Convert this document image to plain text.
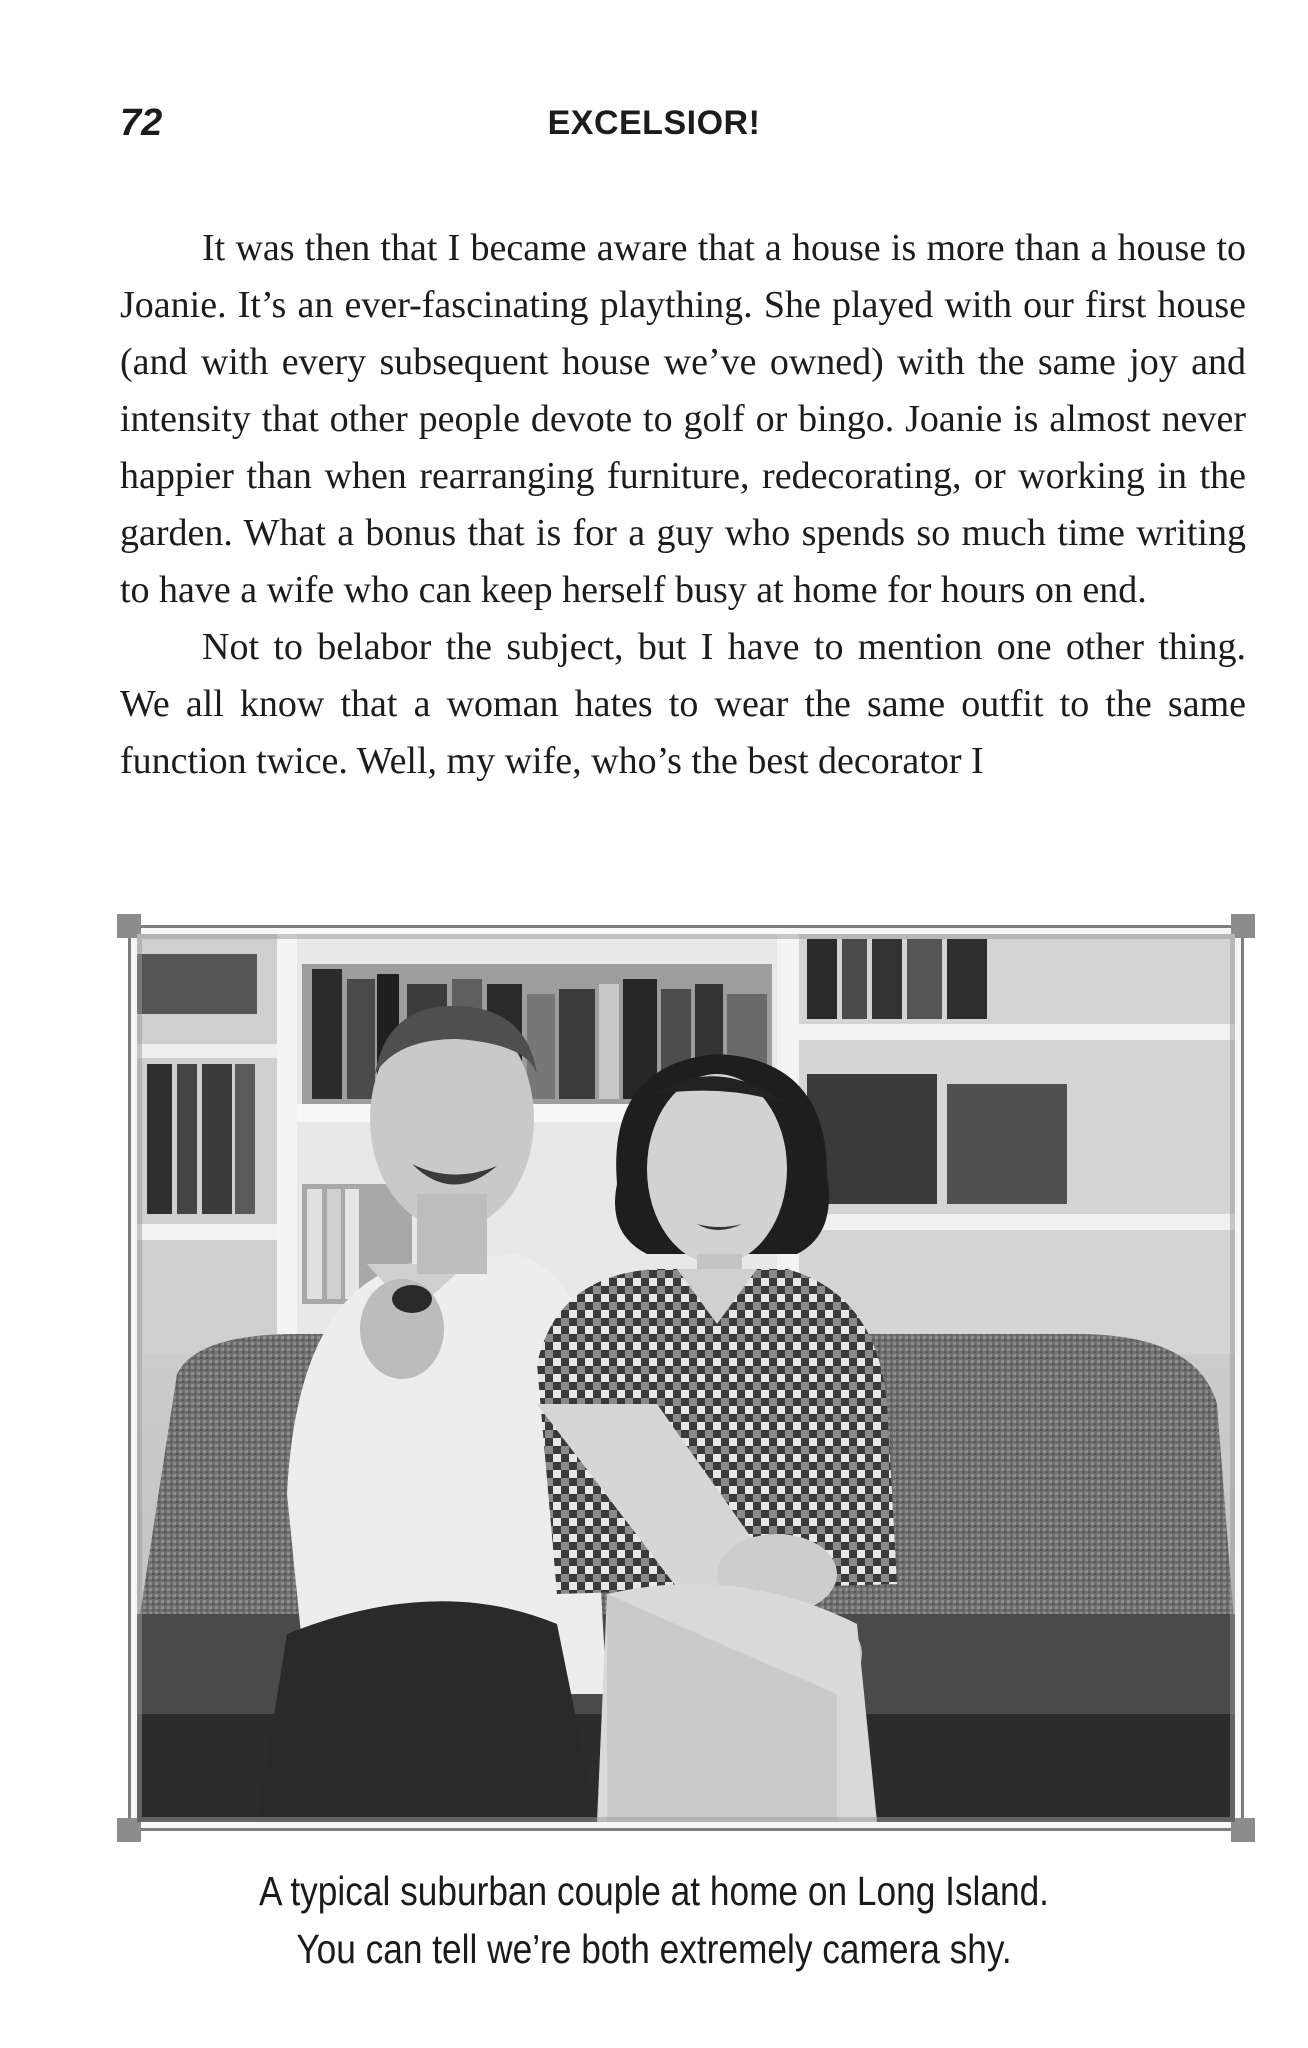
72	EXCELSIOR!

It was then that I became aware that a house is more than a house to Joanie. It’s an ever-fascinating plaything. She played with our first house (and with every subsequent house we’ve owned) with the same joy and intensity that other people devote to golf or bingo. Joanie is almost never happier than when rearranging furniture, redecorating, or working in the garden. What a bonus that is for a guy who spends so much time writing to have a wife who can keep herself busy at home for hours on end.

Not to belabor the subject, but I have to mention one other thing. We all know that a woman hates to wear the same outfit to the same function twice. Well, my wife, who’s the best decorator I

A typical suburban couple at home on Long Island.
You can tell we’re both extremely camera shy.
